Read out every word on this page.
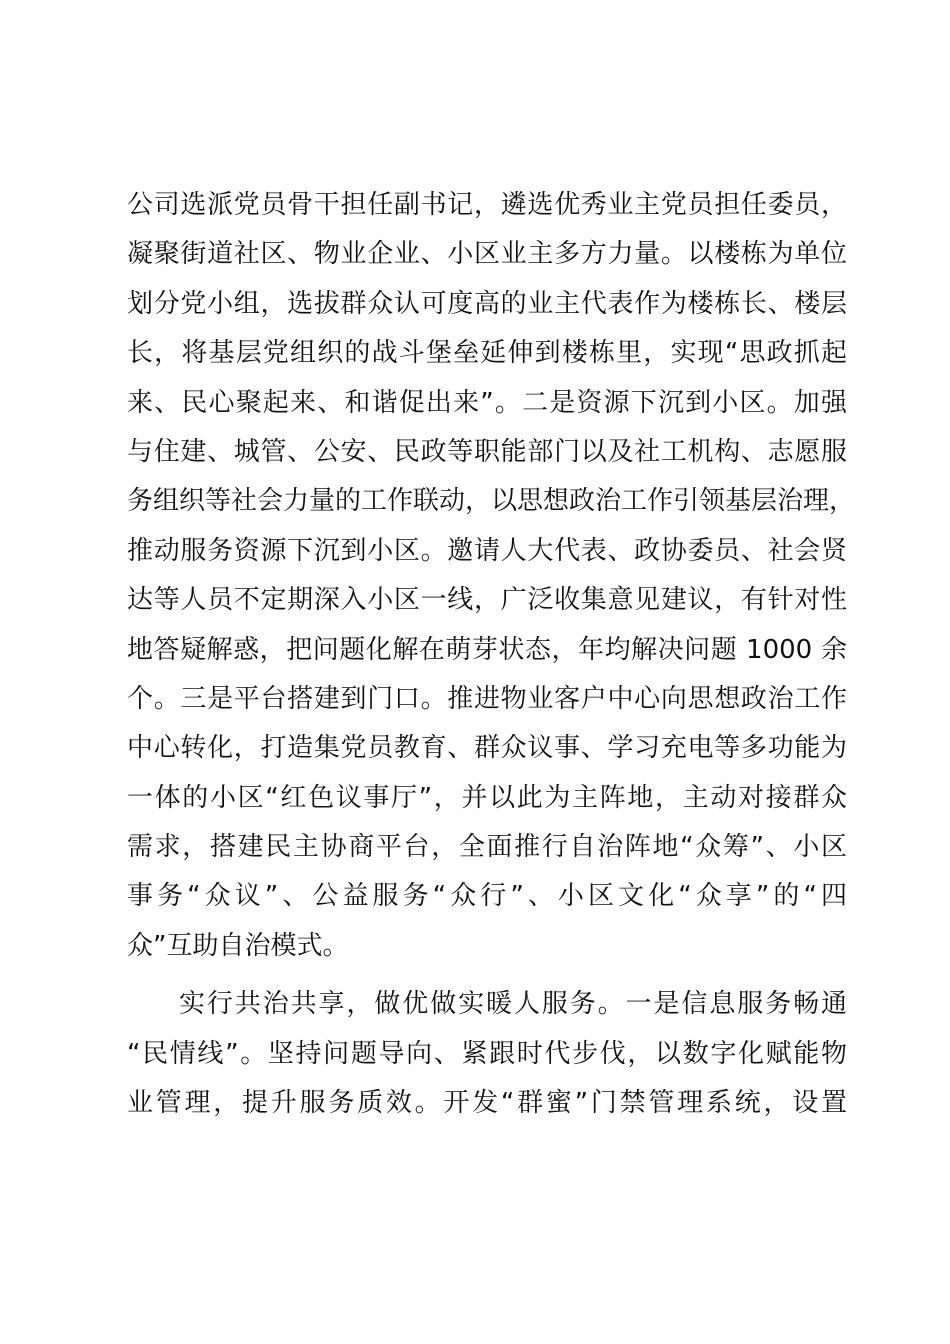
公司选派党员骨干担任副书记，遴选优秀业主党员担任委员，
凝聚街道社区、物业企业、小区业主多方力量。以楼栋为单位
划分党小组，选拔群众认可度高的业主代表作为楼栋长、楼层
长，将基层党组织的战斗堡垒延伸到楼栋里，实现“思政抓起
来、民心聚起来、和谐促出来”。二是资源下沉到小区。加强
与住建、城管、公安、民政等职能部门以及社工机构、志愿服
务组织等社会力量的工作联动，以思想政治工作引领基层治理，
推动服务资源下沉到小区。邀请人大代表、政协委员、社会贤
达等人员不定期深入小区一线，广泛收集意见建议，有针对性
地答疑解惑，把问题化解在萌芽状态，年均解决问题 1000 余
个。三是平台搭建到门口。推进物业客户中心向思想政治工作
中心转化，打造集党员教育、群众议事、学习充电等多功能为
一体的小区“红色议事厅”，并以此为主阵地，主动对接群众
需求，搭建民主协商平台，全面推行自治阵地“众筹”、小区
事务“众议”、公益服务“众行”、小区文化“众享”的“四
众”互助自治模式。
实行共治共享，做优做实暖人服务。一是信息服务畅通
“民情线”。坚持问题导向、紧跟时代步伐，以数字化赋能物
业管理，提升服务质效。开发“群蜜”门禁管理系统，设置
